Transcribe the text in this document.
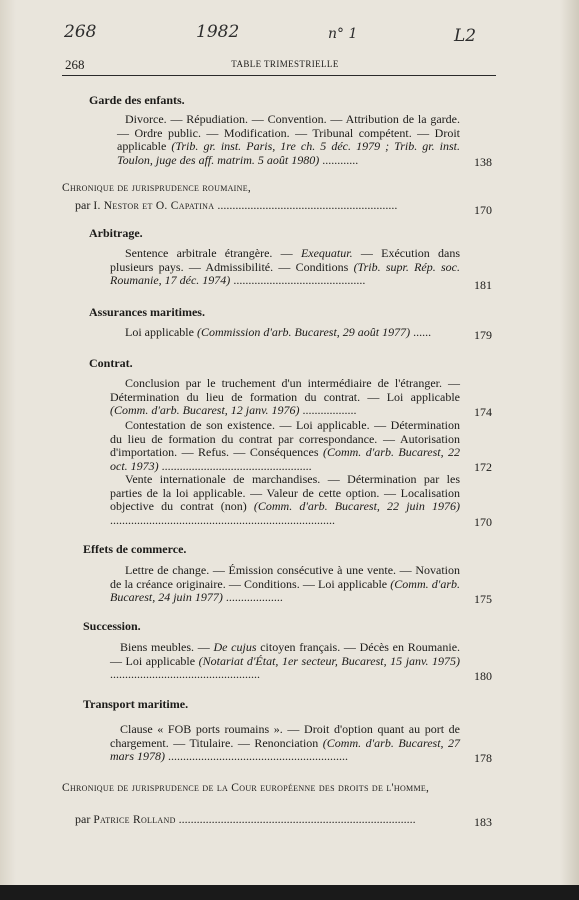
268	1982	n° 1	L2
268	TABLE TRIMESTRIELLE
Garde des enfants.
Divorce. — Répudiation. — Convention. — Attribution de la garde. — Ordre public. — Modification. — Tribunal compétent. — Droit applicable (Trib. gr. inst. Paris, 1re ch. 5 déc. 1979 ; Trib. gr. inst. Toulon, juge des aff. matrim. 5 août 1980) ............	138
Chronique de jurisprudence roumaine,
par I. Nestor et O. Capatina ............................................................	170
Arbitrage.
Sentence arbitrale étrangère. — Exequatur. — Exécution dans plusieurs pays. — Admissibilité. — Conditions (Trib. supr. Rép. soc. Roumanie, 17 déc. 1974) ............................................	181
Assurances maritimes.
Loi applicable (Commission d'arb. Bucarest, 29 août 1977) ......	179
Contrat.
Conclusion par le truchement d'un intermédiaire de l'étranger. — Détermination du lieu de formation du contrat. — Loi applicable (Comm. d'arb. Bucarest, 12 janv. 1976) ..................	174
Contestation de son existence. — Loi applicable. — Détermination du lieu de formation du contrat par correspondance. — Autorisation d'importation. — Refus. — Conséquences (Comm. d'arb. Bucarest, 22 oct. 1973) ..................................................	172
Vente internationale de marchandises. — Détermination par les parties de la loi applicable. — Valeur de cette option. — Localisation objective du contrat (non) (Comm. d'arb. Bucarest, 22 juin 1976) ...........................................................................	170
Effets de commerce.
Lettre de change. — Émission consécutive à une vente. — Novation de la créance originaire. — Conditions. — Loi applicable (Comm. d'arb. Bucarest, 24 juin 1977) ...................	175
Succession.
Biens meubles. — De cujus citoyen français. — Décès en Roumanie. — Loi applicable (Notariat d'État, 1er secteur, Bucarest, 15 janv. 1975) ..................................................	180
Transport maritime.
Clause « FOB ports roumains ». — Droit d'option quant au port de chargement. — Titulaire. — Renonciation (Comm. d'arb. Bucarest, 27 mars 1978) ............................................................	178
Chronique de jurisprudence de la Cour européenne des droits de l'homme,
par Patrice Rolland ...............................................................................	183
